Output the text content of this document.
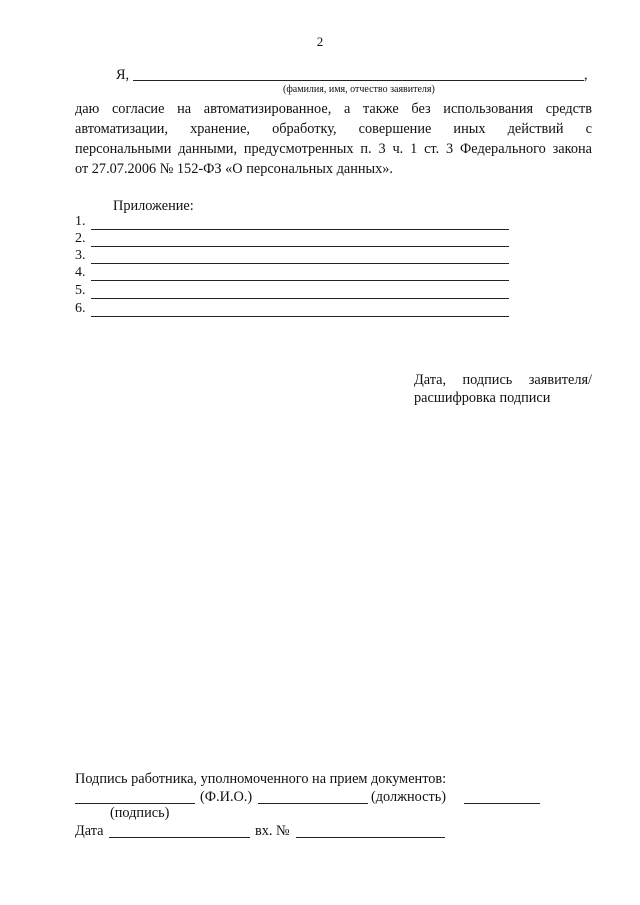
2
Я,	,
(фамилия, имя, отчество заявителя)
даю согласие на автоматизированное, а также без использования средств
автоматизации, хранение, обработку, совершение иных действий с
персональными данными, предусмотренных п. 3 ч. 1 ст. 3 Федерального закона
от 27.07.2006 № 152-ФЗ «О персональных данных».
Приложение:
1.
2.
3.
4.
5.
6.
Дата, подпись заявителя/
расшифровка подписи
Подпись работника, уполномоченного на прием документов:
(Ф.И.О.)	(должность)
(подпись)
Дата	вх. №
